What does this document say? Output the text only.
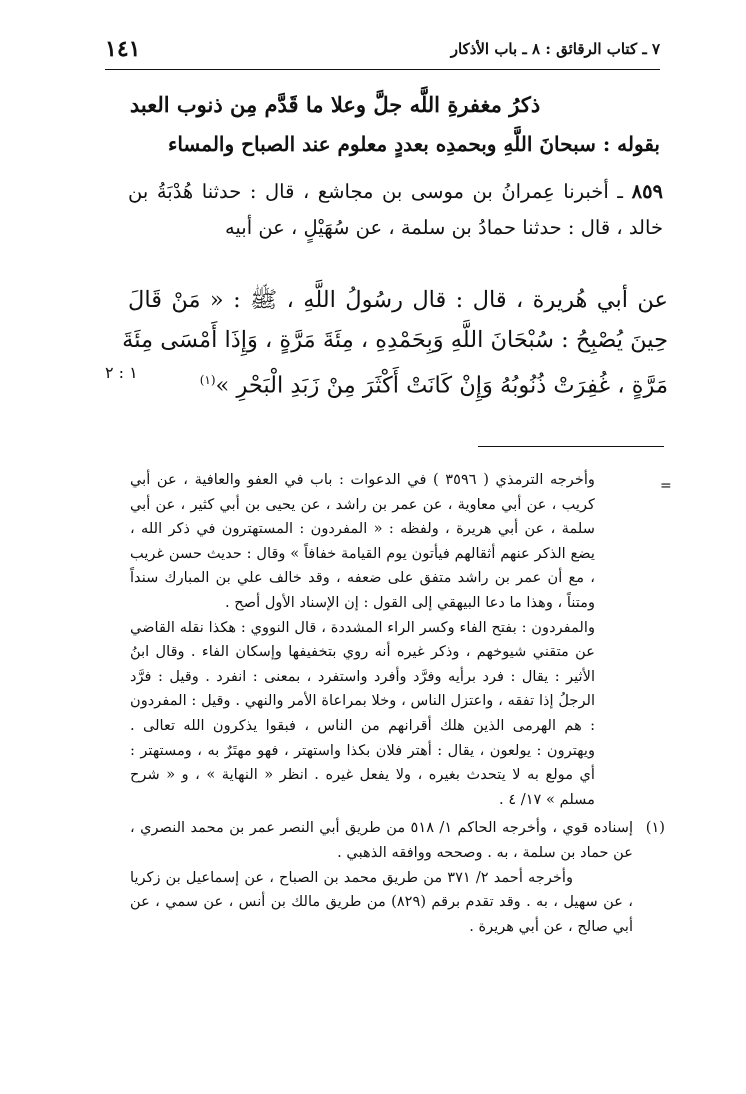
٧ ـ كتاب الرقائق : ٨ ـ باب الأذكار
١٤١
ذكرُ مغفرةِ اللَّه جلَّ وعلا ما قَدَّم مِن ذنوب العبد
بقوله : سبحانَ اللَّهِ وبحمدِه بعددٍ معلوم عند الصباح والمساء
٨٥٩ ـ أخبرنا عِمرانُ بن موسى بن مجاشع ، قال : حدثنا هُدْبَةُ بن خالد ، قال : حدثنا حمادُ بن سلمة ، عن سُهَيْلٍ ، عن أبيه
عن أبي هُريرة ، قال : قال رسُولُ اللَّهِ ، ﷺ : « مَنْ قَالَ
حِينَ يُصْبِحُ : سُبْحَانَ اللَّهِ وَبِحَمْدِهِ ، مِئَةَ مَرَّةٍ ، وَإِذَا أَمْسَى مِئَةَ
مَرَّةٍ ، غُفِرَتْ ذُنُوبُهُ وَإِنْ كَانَتْ أَكْثَرَ مِنْ زَبَدِ الْبَحْرِ »$^{(١)}$
١ : ٢
=

وأخرجه الترمذي ( ٣٥٩٦ ) في الدعوات : باب في العفو والعافية ، عن أبي كريب ، عن أبي معاوية ، عن عمر بن راشد ، عن يحيى بن أبي كثير ، عن أبي سلمة ، عن أبي هريرة ، ولفظه : « المفردون : المستهترون في ذكر الله ، يضع الذكر عنهم أثقالهم فيأتون يوم القيامة خفافاً » وقال : حديث حسن غريب ، مع أن عمر بن راشد متفق على ضعفه ، وقد خالف علي بن المبارك سنداً ومتناً ، وهذا ما دعا البيهقي إلى القول : إن الإسناد الأول أصح .

والمفردون : بفتح الفاء وكسر الراء المشددة ، قال النووي : هكذا نقله القاضي عن متقني شيوخهم ، وذكر غيره أنه روي بتخفيفها وإسكان الفاء . وقال ابنُ الأثير : يقال : فرد برأيه وفرَّد وأفرد واستفرد ، بمعنى : انفرد . وقيل : فرَّد الرجلُ إذا تفقه ، واعتزل الناس ، وخلا بمراعاة الأمر والنهي . وقيل : المفردون : هم الهرمى الذين هلك أقرانهم من الناس ، فبقوا يذكرون الله تعالى . ويهترون : يولعون ، يقال : أهتر فلان بكذا واستهتر ، فهو مهتَرٌ به ، ومستهتر : أي مولع به لا يتحدث بغيره ، ولا يفعل غيره . انظر « النهاية » ، و « شرح مسلم » ١٧/ ٤ .

(١)
إسناده قوي ، وأخرجه الحاكم ١/ ٥١٨ من طريق أبي النصر عمر بن محمد النصري ، عن حماد بن سلمة ، به . وصححه ووافقه الذهبي .

وأخرجه أحمد ٢/ ٣٧١ من طريق محمد بن الصباح ، عن إسماعيل بن زكريا ، عن سهيل ، به . وقد تقدم برقم (٨٢٩) من طريق مالك بن أنس ، عن سمي ، عن أبي صالح ، عن أبي هريرة .
